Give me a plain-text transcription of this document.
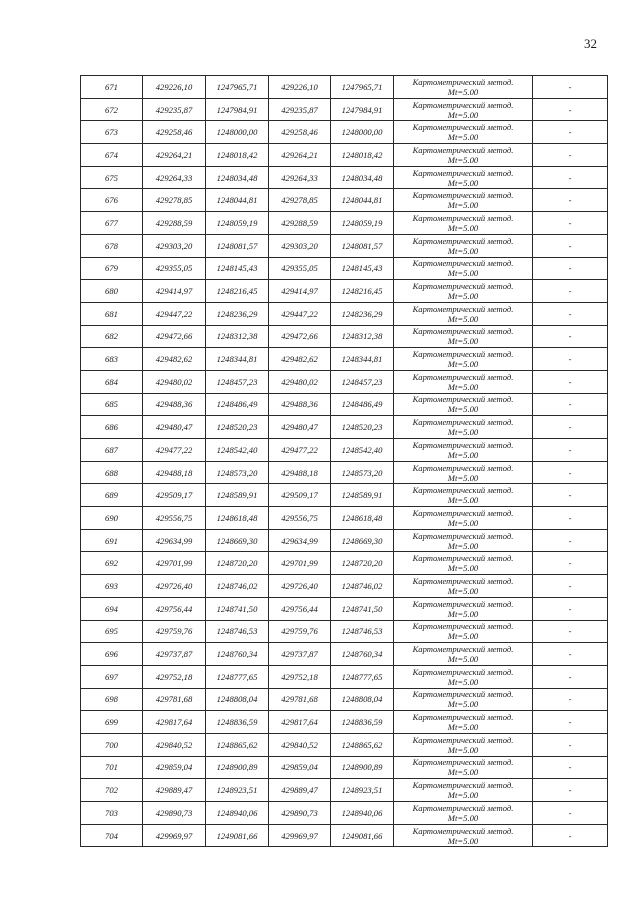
32
671	429226,10	1247965,71	429226,10	1247965,71	Картометрический метод.
Mt=5.00	-
672	429235,87	1247984,91	429235,87	1247984,91	Картометрический метод.
Mt=5.00	-
673	429258,46	1248000,00	429258,46	1248000,00	Картометрический метод.
Mt=5.00	-
674	429264,21	1248018,42	429264,21	1248018,42	Картометрический метод.
Mt=5.00	-
675	429264,33	1248034,48	429264,33	1248034,48	Картометрический метод.
Mt=5.00	-
676	429278,85	1248044,81	429278,85	1248044,81	Картометрический метод.
Mt=5.00	-
677	429288,59	1248059,19	429288,59	1248059,19	Картометрический метод.
Mt=5.00	-
678	429303,20	1248081,57	429303,20	1248081,57	Картометрический метод.
Mt=5.00	-
679	429355,05	1248145,43	429355,05	1248145,43	Картометрический метод.
Mt=5.00	-
680	429414,97	1248216,45	429414,97	1248216,45	Картометрический метод.
Mt=5.00	-
681	429447,22	1248236,29	429447,22	1248236,29	Картометрический метод.
Mt=5.00	-
682	429472,66	1248312,38	429472,66	1248312,38	Картометрический метод.
Mt=5.00	-
683	429482,62	1248344,81	429482,62	1248344,81	Картометрический метод.
Mt=5.00	-
684	429480,02	1248457,23	429480,02	1248457,23	Картометрический метод.
Mt=5.00	-
685	429488,36	1248486,49	429488,36	1248486,49	Картометрический метод.
Mt=5.00	-
686	429480,47	1248520,23	429480,47	1248520,23	Картометрический метод.
Mt=5.00	-
687	429477,22	1248542,40	429477,22	1248542,40	Картометрический метод.
Mt=5.00	-
688	429488,18	1248573,20	429488,18	1248573,20	Картометрический метод.
Mt=5.00	-
689	429509,17	1248589,91	429509,17	1248589,91	Картометрический метод.
Mt=5.00	-
690	429556,75	1248618,48	429556,75	1248618,48	Картометрический метод.
Mt=5.00	-
691	429634,99	1248669,30	429634,99	1248669,30	Картометрический метод.
Mt=5.00	-
692	429701,99	1248720,20	429701,99	1248720,20	Картометрический метод.
Mt=5.00	-
693	429726,40	1248746,02	429726,40	1248746,02	Картометрический метод.
Mt=5.00	-
694	429756,44	1248741,50	429756,44	1248741,50	Картометрический метод.
Mt=5.00	-
695	429759,76	1248746,53	429759,76	1248746,53	Картометрический метод.
Mt=5.00	-
696	429737,87	1248760,34	429737,87	1248760,34	Картометрический метод.
Mt=5.00	-
697	429752,18	1248777,65	429752,18	1248777,65	Картометрический метод.
Mt=5.00	-
698	429781,68	1248808,04	429781,68	1248808,04	Картометрический метод.
Mt=5.00	-
699	429817,64	1248836,59	429817,64	1248836,59	Картометрический метод.
Mt=5.00	-
700	429840,52	1248865,62	429840,52	1248865,62	Картометрический метод.
Mt=5.00	-
701	429859,04	1248900,89	429859,04	1248900,89	Картометрический метод.
Mt=5.00	-
702	429889,47	1248923,51	429889,47	1248923,51	Картометрический метод.
Mt=5.00	-
703	429890,73	1248940,06	429890,73	1248940,06	Картометрический метод.
Mt=5.00	-
704	429969,97	1249081,66	429969,97	1249081,66	Картометрический метод.
Mt=5.00	-
